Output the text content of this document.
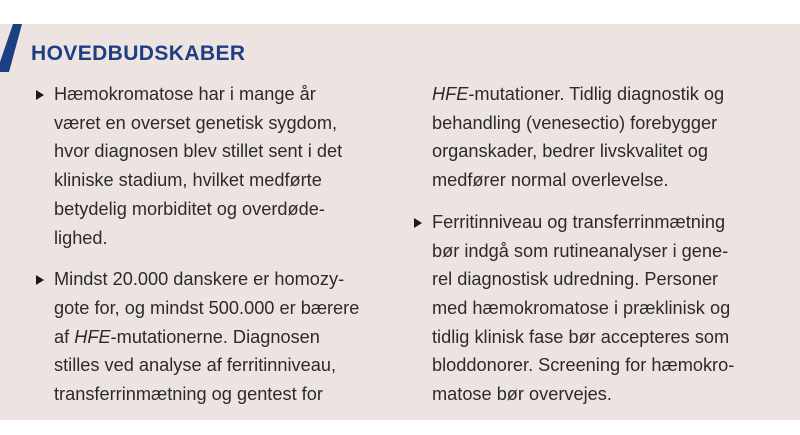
HOVEDBUDSKABER
Hæmokromatose har i mange år
været en overset genetisk sygdom,
hvor diagnosen blev stillet sent i det
kliniske stadium, hvilket medførte
betydelig morbiditet og overdøde-
lighed.
Mindst 20.000 danskere er homozy-
gote for, og mindst 500.000 er bærere
af HFE-mutationerne. Diagnosen
stilles ved analyse af ferritinniveau,
transferrinmætning og gentest for
HFE-mutationer. Tidlig diagnostik og
behandling (venesectio) forebygger
organskader, bedrer livskvalitet og
medfører normal overlevelse.
Ferritinniveau og transferrinmætning
bør indgå som rutineanalyser i gene-
rel diagnostisk udredning. Personer
med hæmokromatose i præklinisk og
tidlig klinisk fase bør accepteres som
bloddonorer. Screening for hæmokro-
matose bør overvejes.
